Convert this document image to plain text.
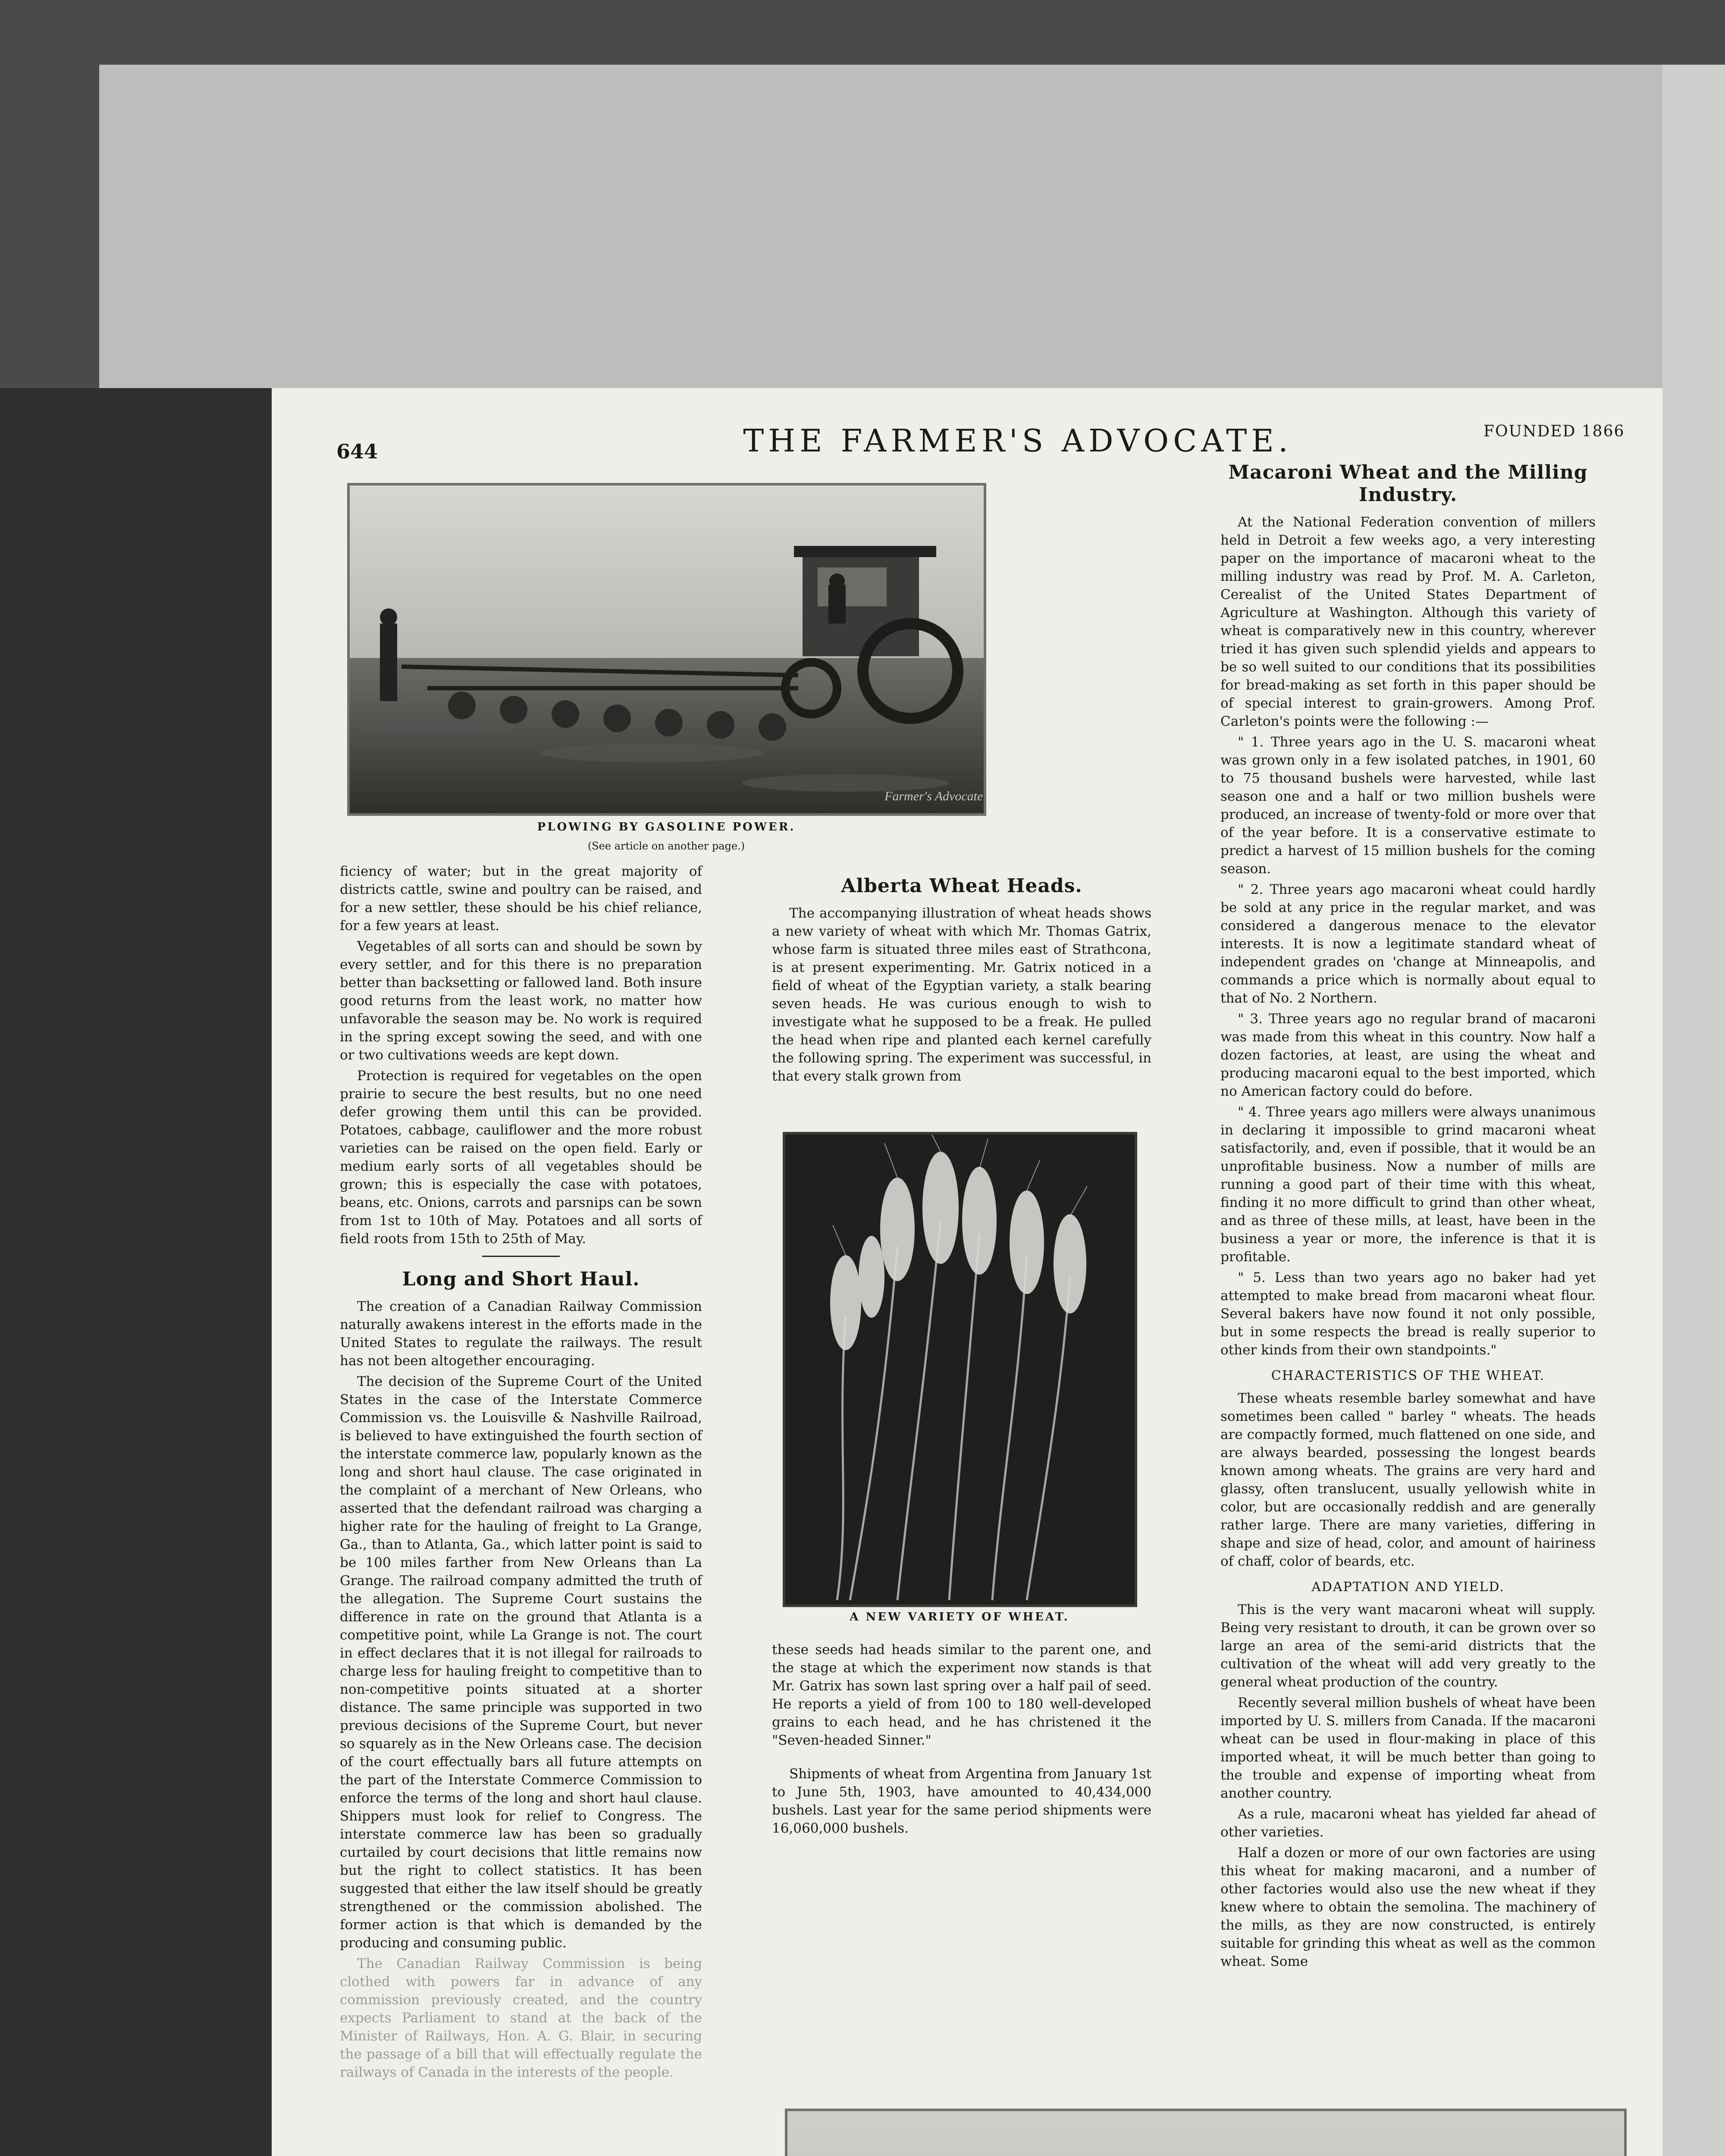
644	THE FARMER'S ADVOCATE.	FOUNDED 1866
Farmer's Advocate
PLOWING BY GASOLINE POWER.
(See article on another page.)

ficiency of water; but in the great majority of districts cattle, swine and poultry can be raised, and for a new settler, these should be his chief reliance, for a few years at least.

Vegetables of all sorts can and should be sown by every settler, and for this there is no preparation better than backsetting or fallowed land. Both insure good returns from the least work, no matter how unfavorable the season may be. No work is required in the spring except sowing the seed, and with one or two cultivations weeds are kept down.

Protection is required for vegetables on the open prairie to secure the best results, but no one need defer growing them until this can be provided. Potatoes, cabbage, cauliflower and the more robust varieties can be raised on the open field. Early or medium early sorts of all vegetables should be grown; this is especially the case with potatoes, beans, etc. Onions, carrots and parsnips can be sown from 1st to 10th of May. Potatoes and all sorts of field roots from 15th to 25th of May.

Long and Short Haul.

The creation of a Canadian Railway Commission naturally awakens interest in the efforts made in the United States to regulate the railways. The result has not been altogether encouraging.

The decision of the Supreme Court of the United States in the case of the Interstate Commerce Commission vs. the Louisville & Nashville Railroad, is believed to have extinguished the fourth section of the interstate commerce law, popularly known as the long and short haul clause. The case originated in the complaint of a merchant of New Orleans, who asserted that the defendant railroad was charging a higher rate for the hauling of freight to La Grange, Ga., than to Atlanta, Ga., which latter point is said to be 100 miles farther from New Orleans than La Grange. The railroad company admitted the truth of the allegation. The Supreme Court sustains the difference in rate on the ground that Atlanta is a competitive point, while La Grange is not. The court in effect declares that it is not illegal for railroads to charge less for hauling freight to competitive than to non-competitive points situated at a shorter distance. The same principle was supported in two previous decisions of the Supreme Court, but never so squarely as in the New Orleans case. The decision of the court effectually bars all future attempts on the part of the Interstate Commerce Commission to enforce the terms of the long and short haul clause. Shippers must look for relief to Congress. The interstate commerce law has been so gradually curtailed by court decisions that little remains now but the right to collect statistics. It has been suggested that either the law itself should be greatly strengthened or the commission abolished. The former action is that which is demanded by the producing and consuming public.

The Canadian Railway Commission is being clothed with powers far in advance of any commission previously created, and the country expects Parliament to stand at the back of the Minister of Railways, Hon. A. G. Blair, in securing the passage of a bill that will effectually regulate the railways of Canada in the interests of the people.

Alberta Wheat Heads.

The accompanying illustration of wheat heads shows a new variety of wheat with which Mr. Thomas Gatrix, whose farm is situated three miles east of Strathcona, is at present experimenting. Mr. Gatrix noticed in a field of wheat of the Egyptian variety, a stalk bearing seven heads. He was curious enough to wish to investigate what he supposed to be a freak. He pulled the head when ripe and planted each kernel carefully the following spring. The experiment was successful, in that every stalk grown from

A NEW VARIETY OF WHEAT.

these seeds had heads similar to the parent one, and the stage at which the experiment now stands is that Mr. Gatrix has sown last spring over a half pail of seed. He reports a yield of from 100 to 180 well-developed grains to each head, and he has christened it the "Seven-headed Sinner."

Shipments of wheat from Argentina from January 1st to June 5th, 1903, have amounted to 40,434,000 bushels. Last year for the same period shipments were 16,060,000 bushels.

Macaroni Wheat and the Milling Industry.

At the National Federation convention of millers held in Detroit a few weeks ago, a very interesting paper on the importance of macaroni wheat to the milling industry was read by Prof. M. A. Carleton, Cerealist of the United States Department of Agriculture at Washington. Although this variety of wheat is comparatively new in this country, wherever tried it has given such splendid yields and appears to be so well suited to our conditions that its possibilities for bread-making as set forth in this paper should be of special interest to grain-growers. Among Prof. Carleton's points were the following :—

" 1. Three years ago in the U. S. macaroni wheat was grown only in a few isolated patches, in 1901, 60 to 75 thousand bushels were harvested, while last season one and a half or two million bushels were produced, an increase of twenty-fold or more over that of the year before. It is a conservative estimate to predict a harvest of 15 million bushels for the coming season.

" 2. Three years ago macaroni wheat could hardly be sold at any price in the regular market, and was considered a dangerous menace to the elevator interests. It is now a legitimate standard wheat of independent grades on 'change at Minneapolis, and commands a price which is normally about equal to that of No. 2 Northern.

" 3. Three years ago no regular brand of macaroni was made from this wheat in this country. Now half a dozen factories, at least, are using the wheat and producing macaroni equal to the best imported, which no American factory could do before.

" 4. Three years ago millers were always unanimous in declaring it impossible to grind macaroni wheat satisfactorily, and, even if possible, that it would be an unprofitable business. Now a number of mills are running a good part of their time with this wheat, finding it no more difficult to grind than other wheat, and as three of these mills, at least, have been in the business a year or more, the inference is that it is profitable.

" 5. Less than two years ago no baker had yet attempted to make bread from macaroni wheat flour. Several bakers have now found it not only possible, but in some respects the bread is really superior to other kinds from their own standpoints."

CHARACTERISTICS OF THE WHEAT.

These wheats resemble barley somewhat and have sometimes been called " barley " wheats. The heads are compactly formed, much flattened on one side, and are always bearded, possessing the longest beards known among wheats. The grains are very hard and glassy, often translucent, usually yellowish white in color, but are occasionally reddish and are generally rather large. There are many varieties, differing in shape and size of head, color, and amount of hairiness of chaff, color of beards, etc.

ADAPTATION AND YIELD.

This is the very want macaroni wheat will supply. Being very resistant to drouth, it can be grown over so large an area of the semi-arid districts that the cultivation of the wheat will add very greatly to the general wheat production of the country.

Recently several million bushels of wheat have been imported by U. S. millers from Canada. If the macaroni wheat can be used in flour-making in place of this imported wheat, it will be much better than going to the trouble and expense of importing wheat from another country.

As a rule, macaroni wheat has yielded far ahead of other varieties.

Half a dozen or more of our own factories are using this wheat for making macaroni, and a number of other factories would also use the new wheat if they knew where to obtain the semolina. The machinery of the mills, as they are now constructed, is entirely suitable for grinding this wheat as well as the common wheat. Some
